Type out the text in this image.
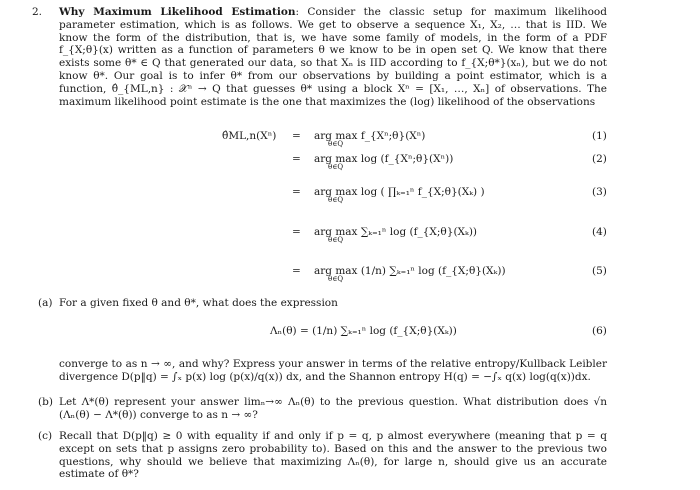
2. Why Maximum Likelihood Estimation: Consider the classic setup for maximum likelihood parameter estimation, which is as follows. We get to observe a sequence X₁, X₂, … that is IID. We know the form of the distribution, that is, we have some family of models, in the form of a PDF f_{X;θ}(x) written as a function of parameters θ we know to be in open set Q. We know that there exists some θ* ∈ Q that generated our data, so that Xₙ is IID according to f_{X;θ*}(xₙ), but we do not know θ*. Our goal is to infer θ* from our observations by building a point estimator, which is a function, θ̂_{ML,n} : 𝒳ⁿ → Q that guesses θ* using a block Xⁿ = [X₁, …, Xₙ] of observations. The maximum likelihood point estimate is the one that maximizes the (log) likelihood of the observations
θ̂ML,n(Xⁿ) = arg max f_{Xⁿ;θ}(Xⁿ)
θ∈Q
(1)
= arg max log (f_{Xⁿ;θ}(Xⁿ))
θ∈Q
(2)
= arg max log ( ∏ₖ₌₁ⁿ f_{X;θ}(Xₖ) )
θ∈Q
(3)
= arg max ∑ₖ₌₁ⁿ log (f_{X;θ}(Xₖ))
θ∈Q
(4)
= arg max (1/n) ∑ₖ₌₁ⁿ log (f_{X;θ}(Xₖ))
θ∈Q
(5)
(a) For a given fixed θ and θ*, what does the expression
Λₙ(θ) = (1/n) ∑ₖ₌₁ⁿ log (f_{X;θ}(Xₖ))	(6)
converge to as n → ∞, and why? Express your answer in terms of the relative entropy/Kullback Leibler divergence D(p‖q) = ∫ₓ p(x) log (p(x)/q(x)) dx, and the Shannon entropy H(q) = −∫ₓ q(x) log(q(x))dx.
(b) Let Λ*(θ) represent your answer limₙ→∞ Λₙ(θ) to the previous question. What distribution does √n (Λₙ(θ) − Λ*(θ)) converge to as n → ∞?
(c) Recall that D(p‖q) ≥ 0 with equality if and only if p = q, p almost everywhere (meaning that p = q except on sets that p assigns zero probability to). Based on this and the answer to the previous two questions, why should we believe that maximizing Λₙ(θ), for large n, should give us an accurate estimate of θ*?
